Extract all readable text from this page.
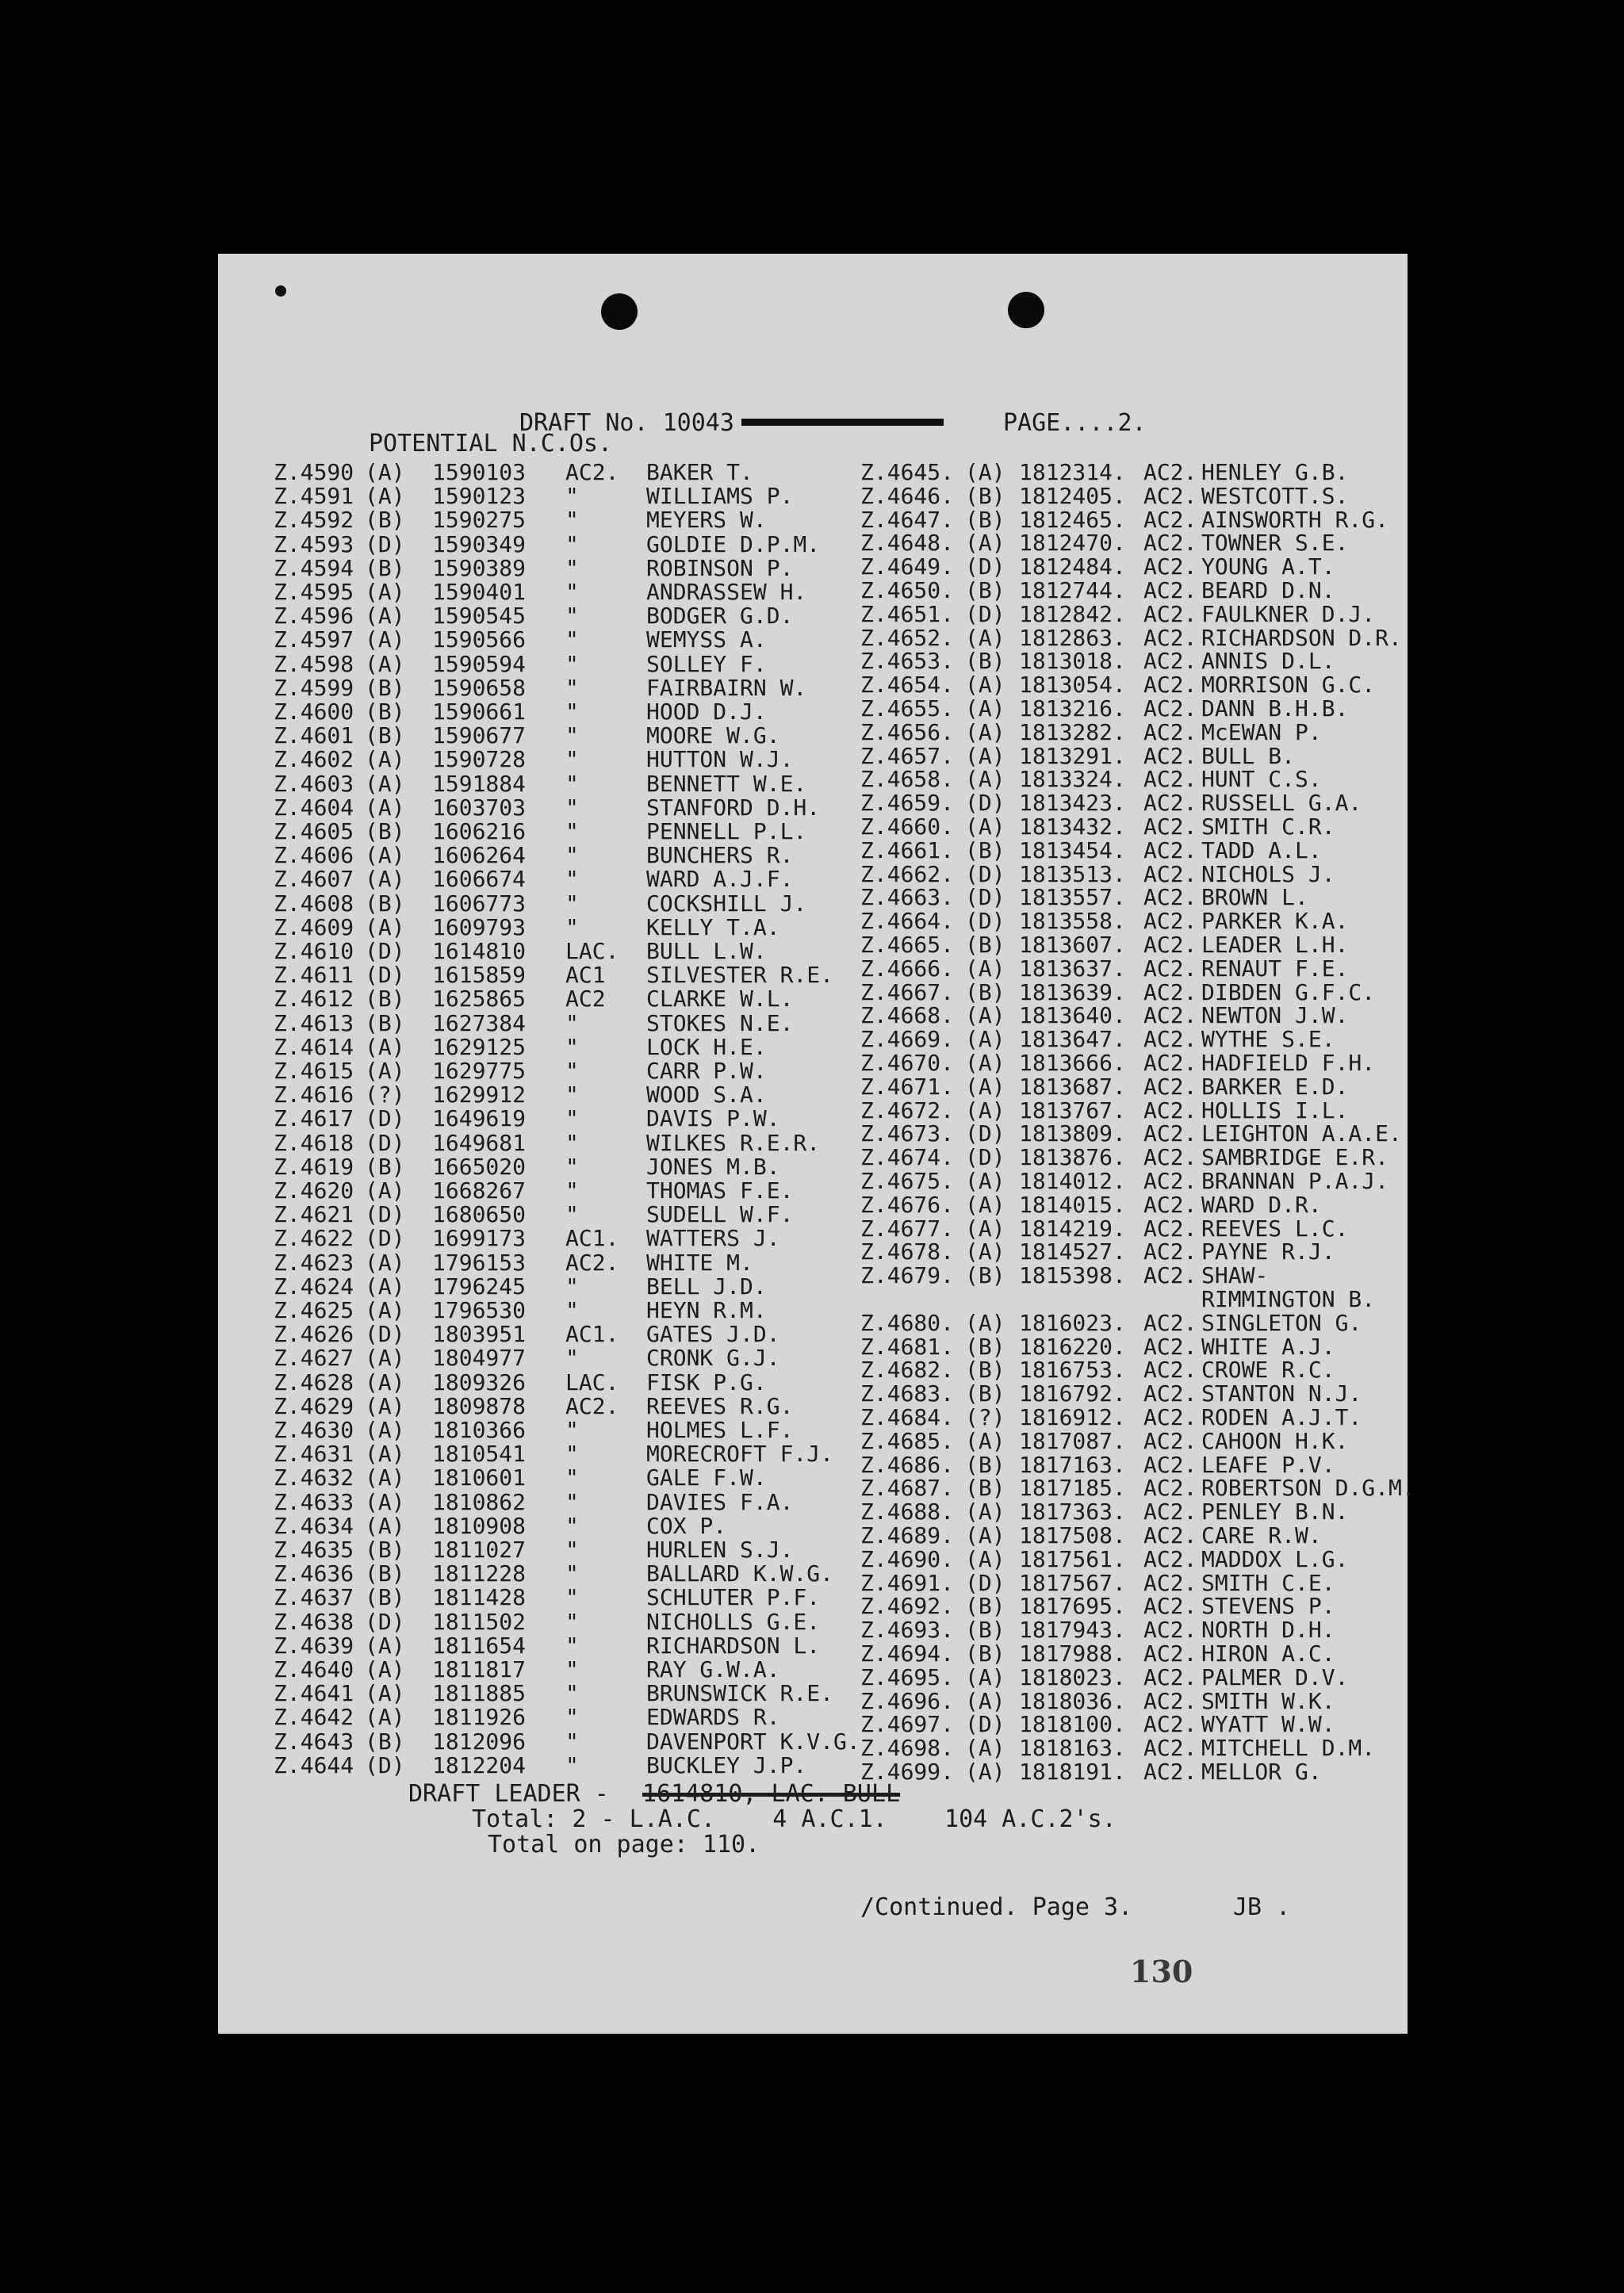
DRAFT No. 10043	PAGE....2.
POTENTIAL N.C.Os.
Z.4590 (A) 1590103 AC2. BAKER T.
Z.4591 (A) 1590123 "	WILLIAMS P.
Z.4592 (B) 1590275 "	MEYERS W.
Z.4593 (D) 1590349 "	GOLDIE D.P.M.
Z.4594 (B) 1590389 "	ROBINSON P.
Z.4595 (A) 1590401 "	ANDRASSEW H.
Z.4596 (A) 1590545 "	BODGER G.D.
Z.4597 (A) 1590566 "	WEMYSS A.
Z.4598 (A) 1590594 "	SOLLEY F.
Z.4599 (B) 1590658 "	FAIRBAIRN W.
Z.4600 (B) 1590661 "	HOOD D.J.
Z.4601 (B) 1590677 "	MOORE W.G.
Z.4602 (A) 1590728 "	HUTTON W.J.
Z.4603 (A) 1591884 "	BENNETT W.E.
Z.4604 (A) 1603703 "	STANFORD D.H.
Z.4605 (B) 1606216 "	PENNELL P.L.
Z.4606 (A) 1606264 "	BUNCHERS R.
Z.4607 (A) 1606674 "	WARD A.J.F.
Z.4608 (B) 1606773 "	COCKSHILL J.
Z.4609 (A) 1609793 "	KELLY T.A.
Z.4610 (D) 1614810 LAC. BULL L.W.
Z.4611 (D) 1615859 AC1 SILVESTER R.E.
Z.4612 (B) 1625865 AC2 CLARKE W.L.
Z.4613 (B) 1627384 "	STOKES N.E.
Z.4614 (A) 1629125 "	LOCK H.E.
Z.4615 (A) 1629775 "	CARR P.W.
Z.4616 (?) 1629912 "	WOOD S.A.
Z.4617 (D) 1649619 "	DAVIS P.W.
Z.4618 (D) 1649681 "	WILKES R.E.R.
Z.4619 (B) 1665020 "	JONES M.B.
Z.4620 (A) 1668267 "	THOMAS F.E.
Z.4621 (D) 1680650 "	SUDELL W.F.
Z.4622 (D) 1699173 AC1. WATTERS J.
Z.4623 (A) 1796153 AC2. WHITE M.
Z.4624 (A) 1796245 "	BELL J.D.
Z.4625 (A) 1796530 "	HEYN R.M.
Z.4626 (D) 1803951 AC1. GATES J.D.
Z.4627 (A) 1804977 "	CRONK G.J.
Z.4628 (A) 1809326 LAC. FISK P.G.
Z.4629 (A) 1809878 AC2. REEVES R.G.
Z.4630 (A) 1810366 "	HOLMES L.F.
Z.4631 (A) 1810541 "	MORECROFT F.J.
Z.4632 (A) 1810601 "	GALE F.W.
Z.4633 (A) 1810862 "	DAVIES F.A.
Z.4634 (A) 1810908 "	COX P.
Z.4635 (B) 1811027 "	HURLEN S.J.
Z.4636 (B) 1811228 "	BALLARD K.W.G.
Z.4637 (B) 1811428 "	SCHLUTER P.F.
Z.4638 (D) 1811502 "	NICHOLLS G.E.
Z.4639 (A) 1811654 "	RICHARDSON L.
Z.4640 (A) 1811817 "	RAY G.W.A.
Z.4641 (A) 1811885 "	BRUNSWICK R.E.
Z.4642 (A) 1811926 "	EDWARDS R.
Z.4643 (B) 1812096 "	DAVENPORT K.V.G.
Z.4644 (D) 1812204 "	BUCKLEY J.P.
Z.4645. (A) 1812314. AC2. HENLEY G.B.
Z.4646. (B) 1812405. AC2. WESTCOTT.S.
Z.4647. (B) 1812465. AC2. AINSWORTH R.G.
Z.4648. (A) 1812470. AC2. TOWNER S.E.
Z.4649. (D) 1812484. AC2. YOUNG A.T.
Z.4650. (B) 1812744. AC2. BEARD D.N.
Z.4651. (D) 1812842. AC2. FAULKNER D.J.
Z.4652. (A) 1812863. AC2. RICHARDSON D.R.
Z.4653. (B) 1813018. AC2. ANNIS D.L.
Z.4654. (A) 1813054. AC2. MORRISON G.C.
Z.4655. (A) 1813216. AC2. DANN B.H.B.
Z.4656. (A) 1813282. AC2. McEWAN P.
Z.4657. (A) 1813291. AC2. BULL B.
Z.4658. (A) 1813324. AC2. HUNT C.S.
Z.4659. (D) 1813423. AC2. RUSSELL G.A.
Z.4660. (A) 1813432. AC2. SMITH C.R.
Z.4661. (B) 1813454. AC2. TADD A.L.
Z.4662. (D) 1813513. AC2. NICHOLS J.
Z.4663. (D) 1813557. AC2. BROWN L.
Z.4664. (D) 1813558. AC2. PARKER K.A.
Z.4665. (B) 1813607. AC2. LEADER L.H.
Z.4666. (A) 1813637. AC2. RENAUT F.E.
Z.4667. (B) 1813639. AC2. DIBDEN G.F.C.
Z.4668. (A) 1813640. AC2. NEWTON J.W.
Z.4669. (A) 1813647. AC2. WYTHE S.E.
Z.4670. (A) 1813666. AC2. HADFIELD F.H.
Z.4671. (A) 1813687. AC2. BARKER E.D.
Z.4672. (A) 1813767. AC2. HOLLIS I.L.
Z.4673. (D) 1813809. AC2. LEIGHTON A.A.E.
Z.4674. (D) 1813876. AC2. SAMBRIDGE E.R.
Z.4675. (A) 1814012. AC2. BRANNAN P.A.J.
Z.4676. (A) 1814015. AC2. WARD D.R.
Z.4677. (A) 1814219. AC2. REEVES L.C.
Z.4678. (A) 1814527. AC2. PAYNE R.J.
Z.4679. (B) 1815398. AC2. SHAW-
RIMMINGTON B.
Z.4680. (A) 1816023. AC2. SINGLETON G.
Z.4681. (B) 1816220. AC2. WHITE A.J.
Z.4682. (B) 1816753. AC2. CROWE R.C.
Z.4683. (B) 1816792. AC2. STANTON N.J.
Z.4684. (?) 1816912. AC2. RODEN A.J.T.
Z.4685. (A) 1817087. AC2. CAHOON H.K.
Z.4686. (B) 1817163. AC2. LEAFE P.V.
Z.4687. (B) 1817185. AC2. ROBERTSON D.G.M.
Z.4688. (A) 1817363. AC2. PENLEY B.N.
Z.4689. (A) 1817508. AC2. CARE R.W.
Z.4690. (A) 1817561. AC2. MADDOX L.G.
Z.4691. (D) 1817567. AC2. SMITH C.E.
Z.4692. (B) 1817695. AC2. STEVENS P.
Z.4693. (B) 1817943. AC2. NORTH D.H.
Z.4694. (B) 1817988. AC2. HIRON A.C.
Z.4695. (A) 1818023. AC2. PALMER D.V.
Z.4696. (A) 1818036. AC2. SMITH W.K.
Z.4697. (D) 1818100. AC2. WYATT W.W.
Z.4698. (A) 1818163. AC2. MITCHELL D.M.
Z.4699. (A) 1818191. AC2. MELLOR G.
DRAFT LEADER - 1614810, LAC. BULL
Total: 2 - L.A.C.    4 A.C.1.    104 A.C.2's.
Total on page: 110.
/Continued. Page 3.	JB .
130
